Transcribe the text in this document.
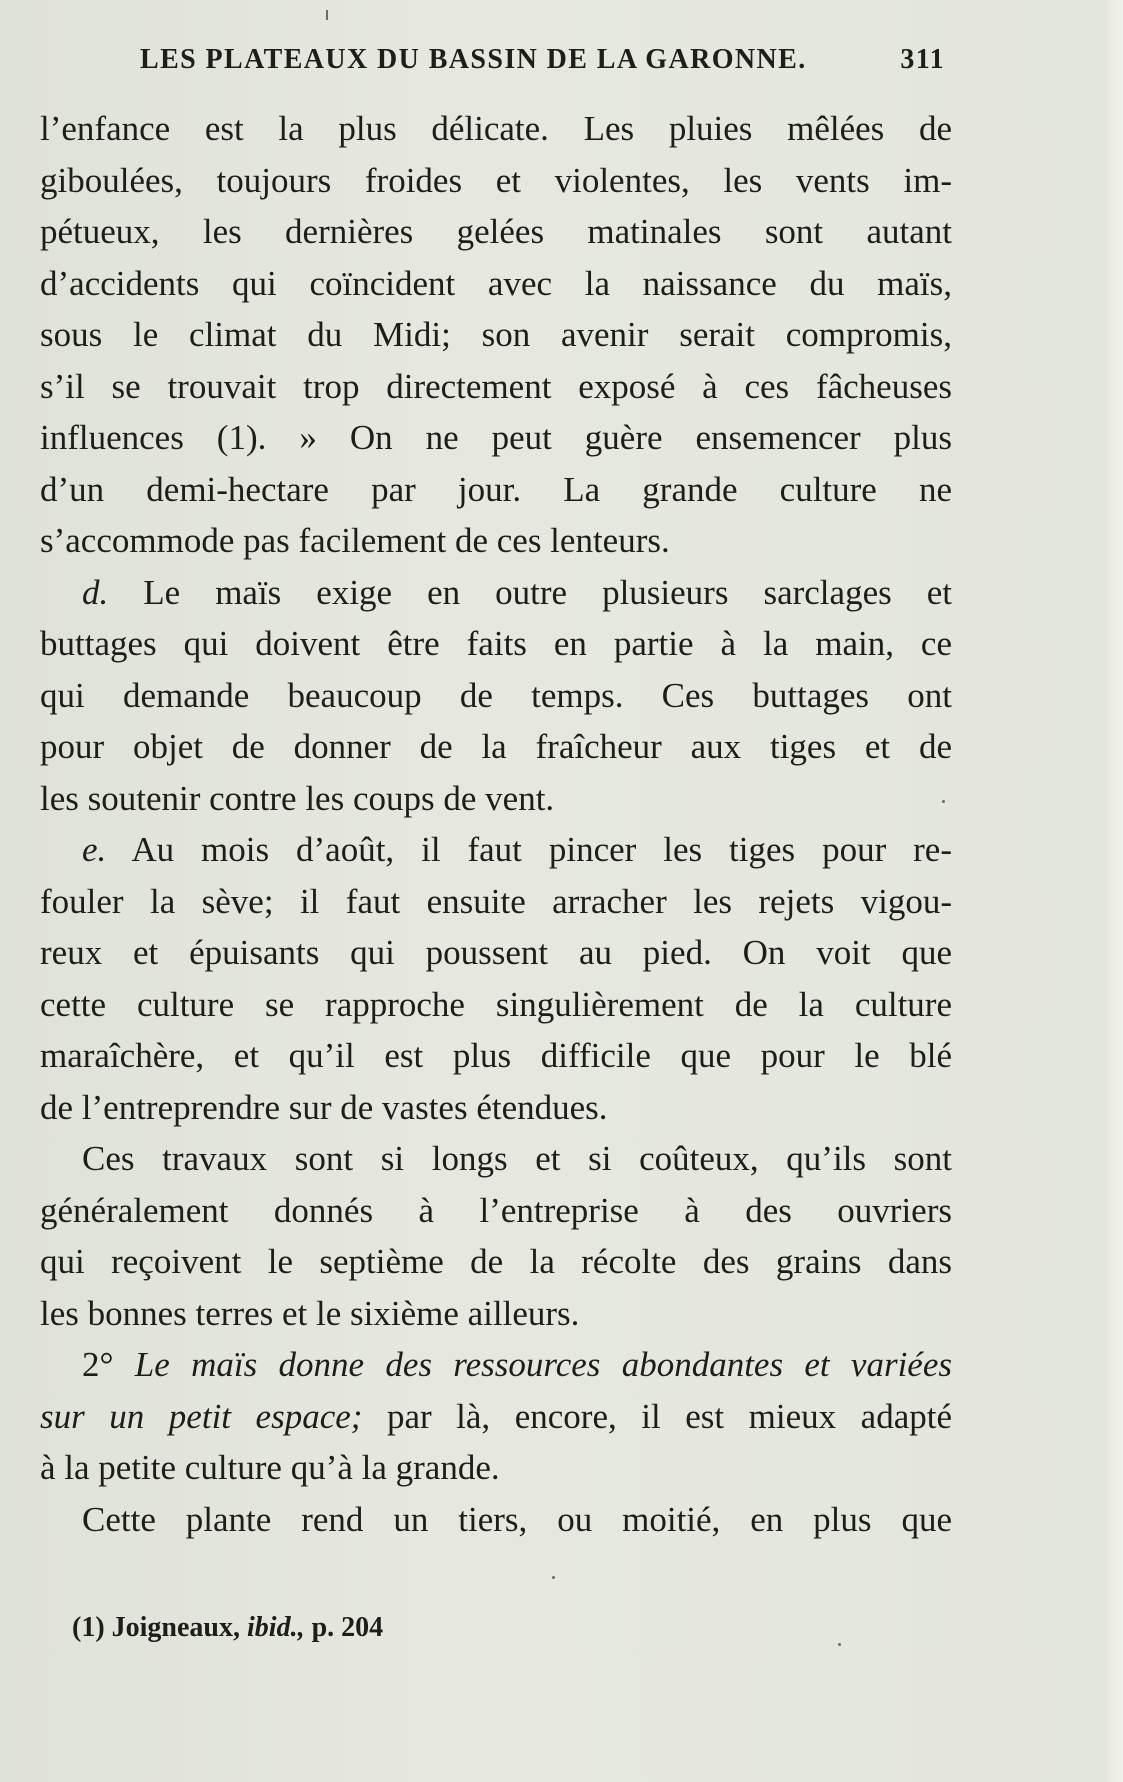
LES PLATEAUX DU BASSIN DE LA GARONNE.	311
l’enfance est la plus délicate. Les pluies mêlées de
giboulées, toujours froides et violentes, les vents im-
pétueux, les dernières gelées matinales sont autant
d’accidents qui coïncident avec la naissance du maïs,
sous le climat du Midi; son avenir serait compromis,
s’il se trouvait trop directement exposé à ces fâcheuses
influences (1). » On ne peut guère ensemencer plus
d’un demi-hectare par jour. La grande culture ne
s’accommode pas facilement de ces lenteurs.
d. Le maïs exige en outre plusieurs sarclages et
buttages qui doivent être faits en partie à la main, ce
qui demande beaucoup de temps. Ces buttages ont
pour objet de donner de la fraîcheur aux tiges et de
les soutenir contre les coups de vent.
e. Au mois d’août, il faut pincer les tiges pour re-
fouler la sève; il faut ensuite arracher les rejets vigou-
reux et épuisants qui poussent au pied. On voit que
cette culture se rapproche singulièrement de la culture
maraîchère, et qu’il est plus difficile que pour le blé
de l’entreprendre sur de vastes étendues.
Ces travaux sont si longs et si coûteux, qu’ils sont
généralement donnés à l’entreprise à des ouvriers
qui reçoivent le septième de la récolte des grains dans
les bonnes terres et le sixième ailleurs.
2° Le maïs donne des ressources abondantes et variées
sur un petit espace; par là, encore, il est mieux adapté
à la petite culture qu’à la grande.
Cette plante rend un tiers, ou moitié, en plus que
(1) Joigneaux, ibid., p. 204
